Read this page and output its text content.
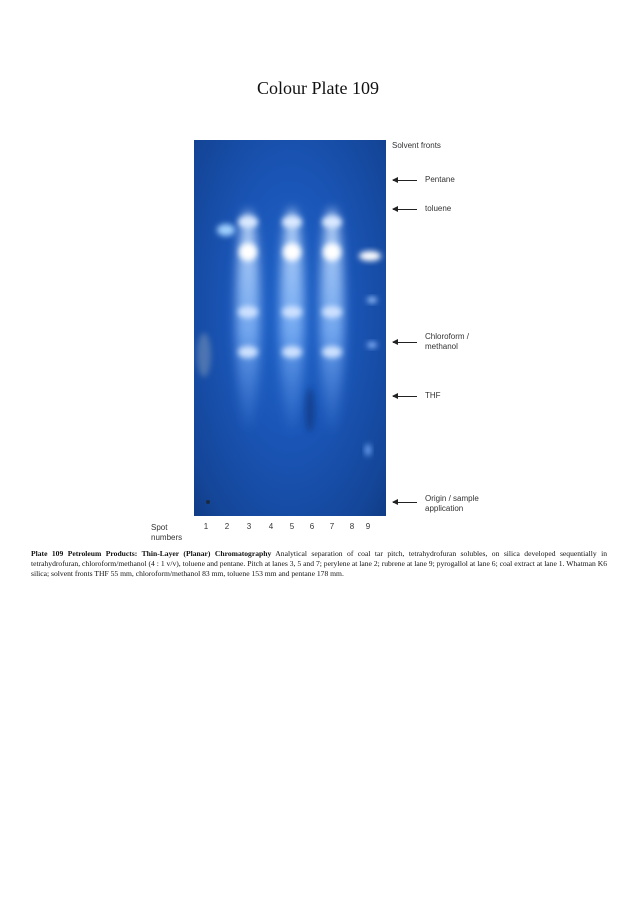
Colour Plate 109
Solvent fronts
Pentane
toluene
Chloroform /
methanol
THF
Origin / sample
application
Spot
numbers
1	2	3	4	5	6	7	8	9
Plate 109 Petroleum Products: Thin-Layer (Planar) Chromatography Analytical separation of coal tar pitch, tetrahydrofuran solubles, on silica developed sequentially in tetrahydrofuran, chloroform/methanol (4 : 1 v/v), toluene and pentane. Pitch at lanes 3, 5 and 7; perylene at lane 2; rubrene at lane 9; pyrogallol at lane 6; coal extract at lane 1. Whatman K6 silica; solvent fronts THF 55 mm, chloroform/methanol 83 mm, toluene 153 mm and pentane 178 mm.
